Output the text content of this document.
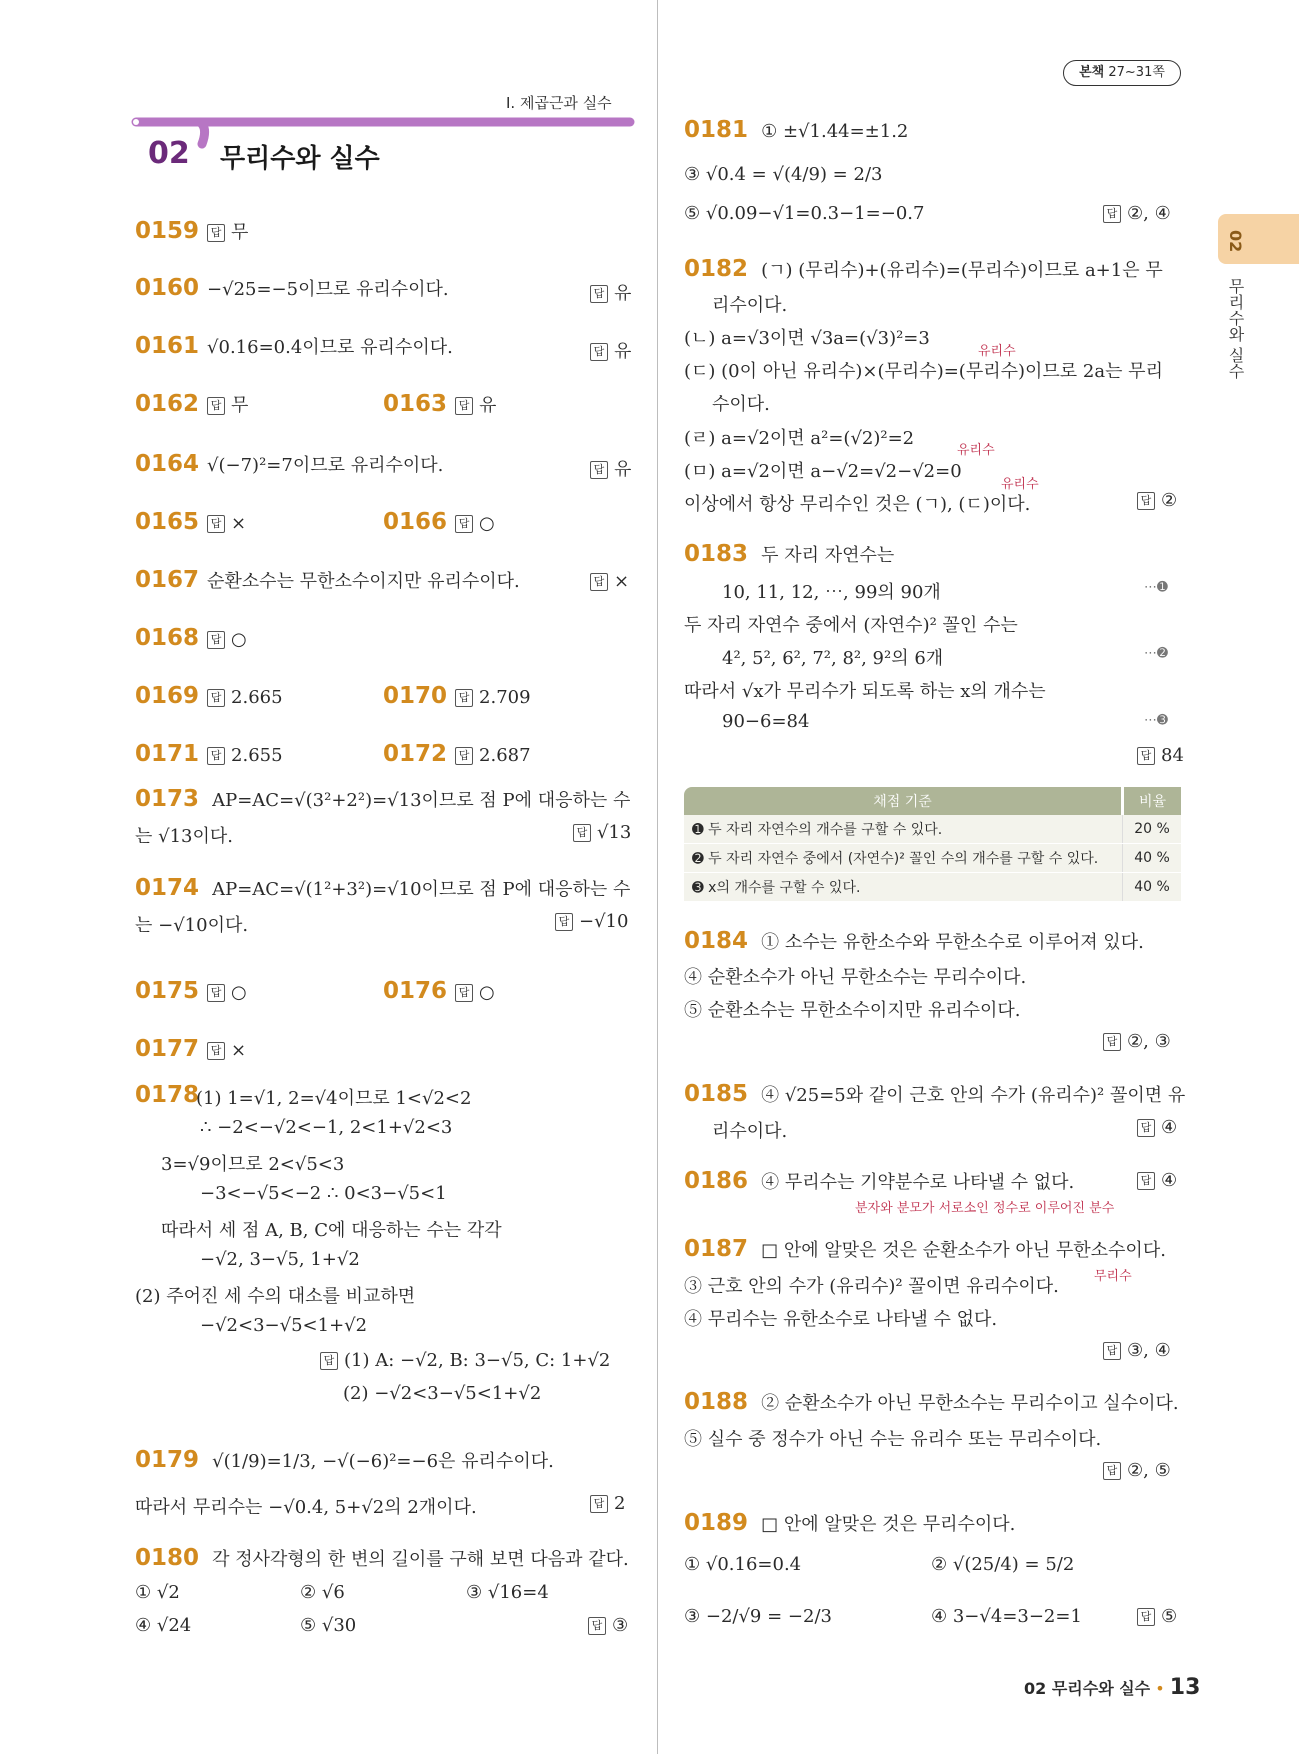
Ⅰ. 제곱근과 실수
02 무리수와 실수
본책 27~31쪽
02
무리수와 실수
0159 답 무
0160 −√25=−5이므로 유리수이다.	답 유
0161 √0.16=0.4이므로 유리수이다.	답 유
0162 답 무	0163 답 유
0164 √(−7)²=7이므로 유리수이다.	답 유
0165 답 ×	0166 답 ○
0167 순환소수는 무한소수이지만 유리수이다.	답 ×
0168 답 ○
0169 답 2.665	0170 답 2.709
0171 답 2.655	0172 답 2.687
0173 AP=AC=√(3²+2²)=√13이므로 점 P에 대응하는 수
는 √13이다.	답 √13
0174 AP=AC=√(1²+3²)=√10이므로 점 P에 대응하는 수
는 −√10이다.	답 −√10
0175 답 ○	0176 답 ○
0177 답 ×
0178
(1) 1=√1, 2=√4이므로 1<√2<2
∴ −2<−√2<−1, 2<1+√2<3
3=√9이므로 2<√5<3
−3<−√5<−2 ∴ 0<3−√5<1
따라서 세 점 A, B, C에 대응하는 수는 각각
−√2, 3−√5, 1+√2
(2) 주어진 세 수의 대소를 비교하면
−√2<3−√5<1+√2
답 (1) A: −√2, B: 3−√5, C: 1+√2
(2) −√2<3−√5<1+√2
0179 √(1/9)=1/3, −√(−6)²=−6은 유리수이다.
따라서 무리수는 −√0.4̇, 5+√2의 2개이다.	답 2
0180 각 정사각형의 한 변의 길이를 구해 보면 다음과 같다.
① √2	② √6	③ √16=4
④ √24	⑤ √30	답 ③
0181 ① ±√1.44=±1.2
③ √0.4̇ = √(4/9) = 2/3
⑤ √0.09−√1=0.3−1=−0.7	답 ②, ④
0182 (ㄱ) (무리수)+(유리수)=(무리수)이므로 a+1은 무
리수이다.
(ㄴ) a=√3이면 √3a=(√3)²=3
유리수
(ㄷ) (0이 아닌 유리수)×(무리수)=(무리수)이므로 2a는 무리
수이다.
(ㄹ) a=√2이면 a²=(√2)²=2
유리수
(ㅁ) a=√2이면 a−√2=√2−√2=0
유리수
이상에서 항상 무리수인 것은 (ㄱ), (ㄷ)이다.	답 ②
0183 두 자리 자연수는
10, 11, 12, ⋯, 99의 90개	⋯➊
두 자리 자연수 중에서 (자연수)² 꼴인 수는
4², 5², 6², 7², 8², 9²의 6개	⋯➋
따라서 √x가 무리수가 되도록 하는 x의 개수는
90−6=84	⋯➌
답 84
채점 기준	비율
➊ 두 자리 자연수의 개수를 구할 수 있다.	20 %
➋ 두 자리 자연수 중에서 (자연수)² 꼴인 수의 개수를 구할 수 있다.	40 %
➌ x의 개수를 구할 수 있다.	40 %
0184 ① 소수는 유한소수와 무한소수로 이루어져 있다.
④ 순환소수가 아닌 무한소수는 무리수이다.
⑤ 순환소수는 무한소수이지만 유리수이다.
답 ②, ③
0185 ④ √25=5와 같이 근호 안의 수가 (유리수)² 꼴이면 유
리수이다.	답 ④
0186 ④ 무리수는 기약분수로 나타낼 수 없다.
분자와 분모가 서로소인 정수로 이루어진 분수
답 ④
0187 □ 안에 알맞은 것은 순환소수가 아닌 무한소수이다.
무리수
③ 근호 안의 수가 (유리수)² 꼴이면 유리수이다.
④ 무리수는 유한소수로 나타낼 수 없다.
답 ③, ④
0188 ② 순환소수가 아닌 무한소수는 무리수이고 실수이다.
⑤ 실수 중 정수가 아닌 수는 유리수 또는 무리수이다.
답 ②, ⑤
0189 □ 안에 알맞은 것은 무리수이다.
① √0.16=0.4	② √(25/4) = 5/2
③ −2/√9 = −2/3	④ 3−√4=3−2=1	답 ⑤
02 무리수와 실수 • 13
